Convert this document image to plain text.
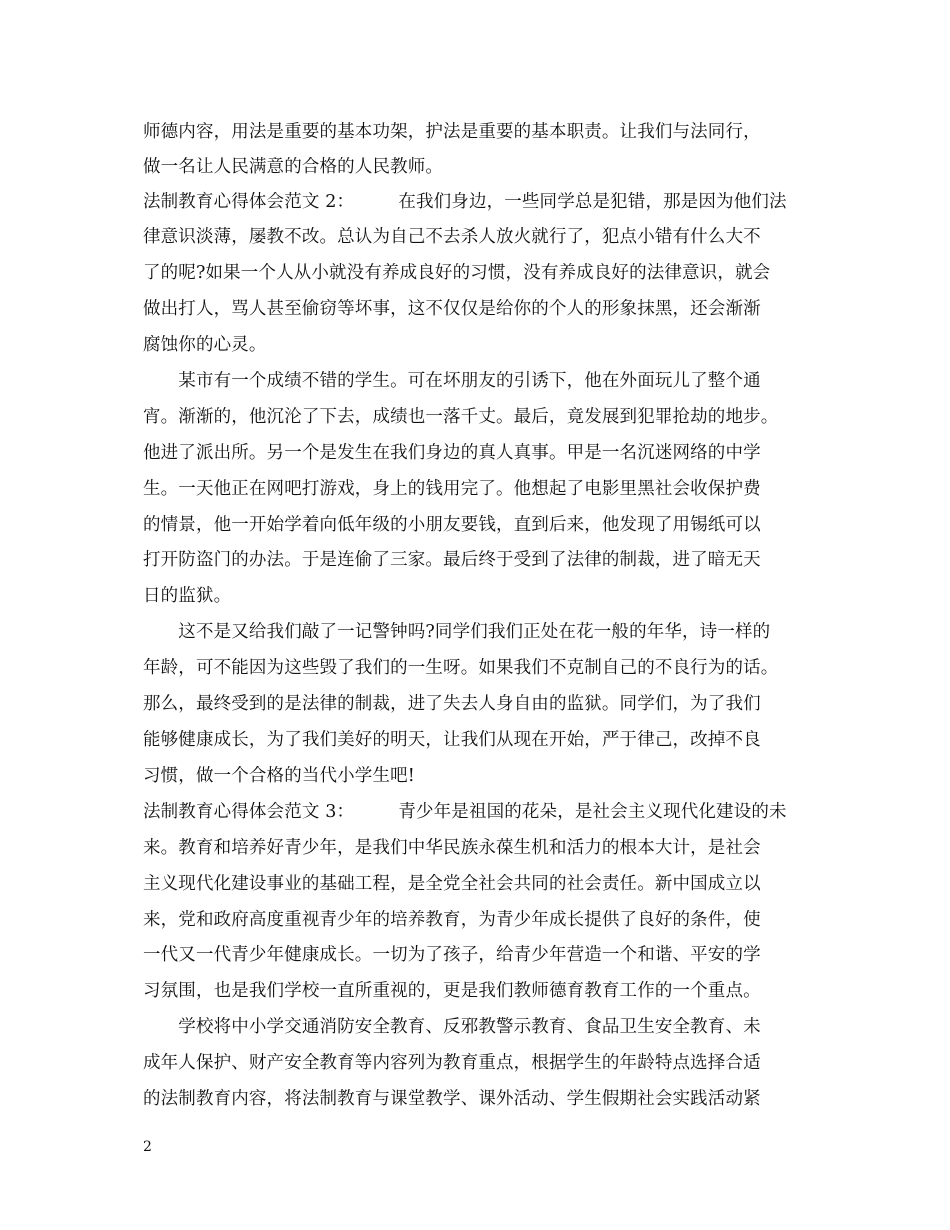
师德内容，用法是重要的基本功架，护法是重要的基本职责。让我们与法同行，
做一名让人民满意的合格的人民教师。
法制教育心得体会范文 2：　　　在我们身边，一些同学总是犯错，那是因为他们法
律意识淡薄，屡教不改。总认为自己不去杀人放火就行了，犯点小错有什么大不
了的呢?如果一个人从小就没有养成良好的习惯，没有养成良好的法律意识，就会
做出打人，骂人甚至偷窃等坏事，这不仅仅是给你的个人的形象抹黑，还会渐渐
腐蚀你的心灵。
　　某市有一个成绩不错的学生。可在坏朋友的引诱下，他在外面玩儿了整个通
宵。渐渐的，他沉沦了下去，成绩也一落千丈。最后，竟发展到犯罪抢劫的地步。
他进了派出所。另一个是发生在我们身边的真人真事。甲是一名沉迷网络的中学
生。一天他正在网吧打游戏，身上的钱用完了。他想起了电影里黑社会收保护费
的情景，他一开始学着向低年级的小朋友要钱，直到后来，他发现了用锡纸可以
打开防盗门的办法。于是连偷了三家。最后终于受到了法律的制裁，进了暗无天
日的监狱。
　　这不是又给我们敲了一记警钟吗?同学们我们正处在花一般的年华，诗一样的
年龄，可不能因为这些毁了我们的一生呀。如果我们不克制自己的不良行为的话。
那么，最终受到的是法律的制裁，进了失去人身自由的监狱。同学们，为了我们
能够健康成长，为了我们美好的明天，让我们从现在开始，严于律己，改掉不良
习惯，做一个合格的当代小学生吧!
法制教育心得体会范文 3：　　　青少年是祖国的花朵，是社会主义现代化建设的未
来。教育和培养好青少年，是我们中华民族永葆生机和活力的根本大计，是社会
主义现代化建设事业的基础工程，是全党全社会共同的社会责任。新中国成立以
来，党和政府高度重视青少年的培养教育，为青少年成长提供了良好的条件，使
一代又一代青少年健康成长。一切为了孩子，给青少年营造一个和谐、平安的学
习氛围，也是我们学校一直所重视的，更是我们教师德育教育工作的一个重点。
　　学校将中小学交通消防安全教育、反邪教警示教育、食品卫生安全教育、未
成年人保护、财产安全教育等内容列为教育重点，根据学生的年龄特点选择合适
的法制教育内容，将法制教育与课堂教学、课外活动、学生假期社会实践活动紧
2
